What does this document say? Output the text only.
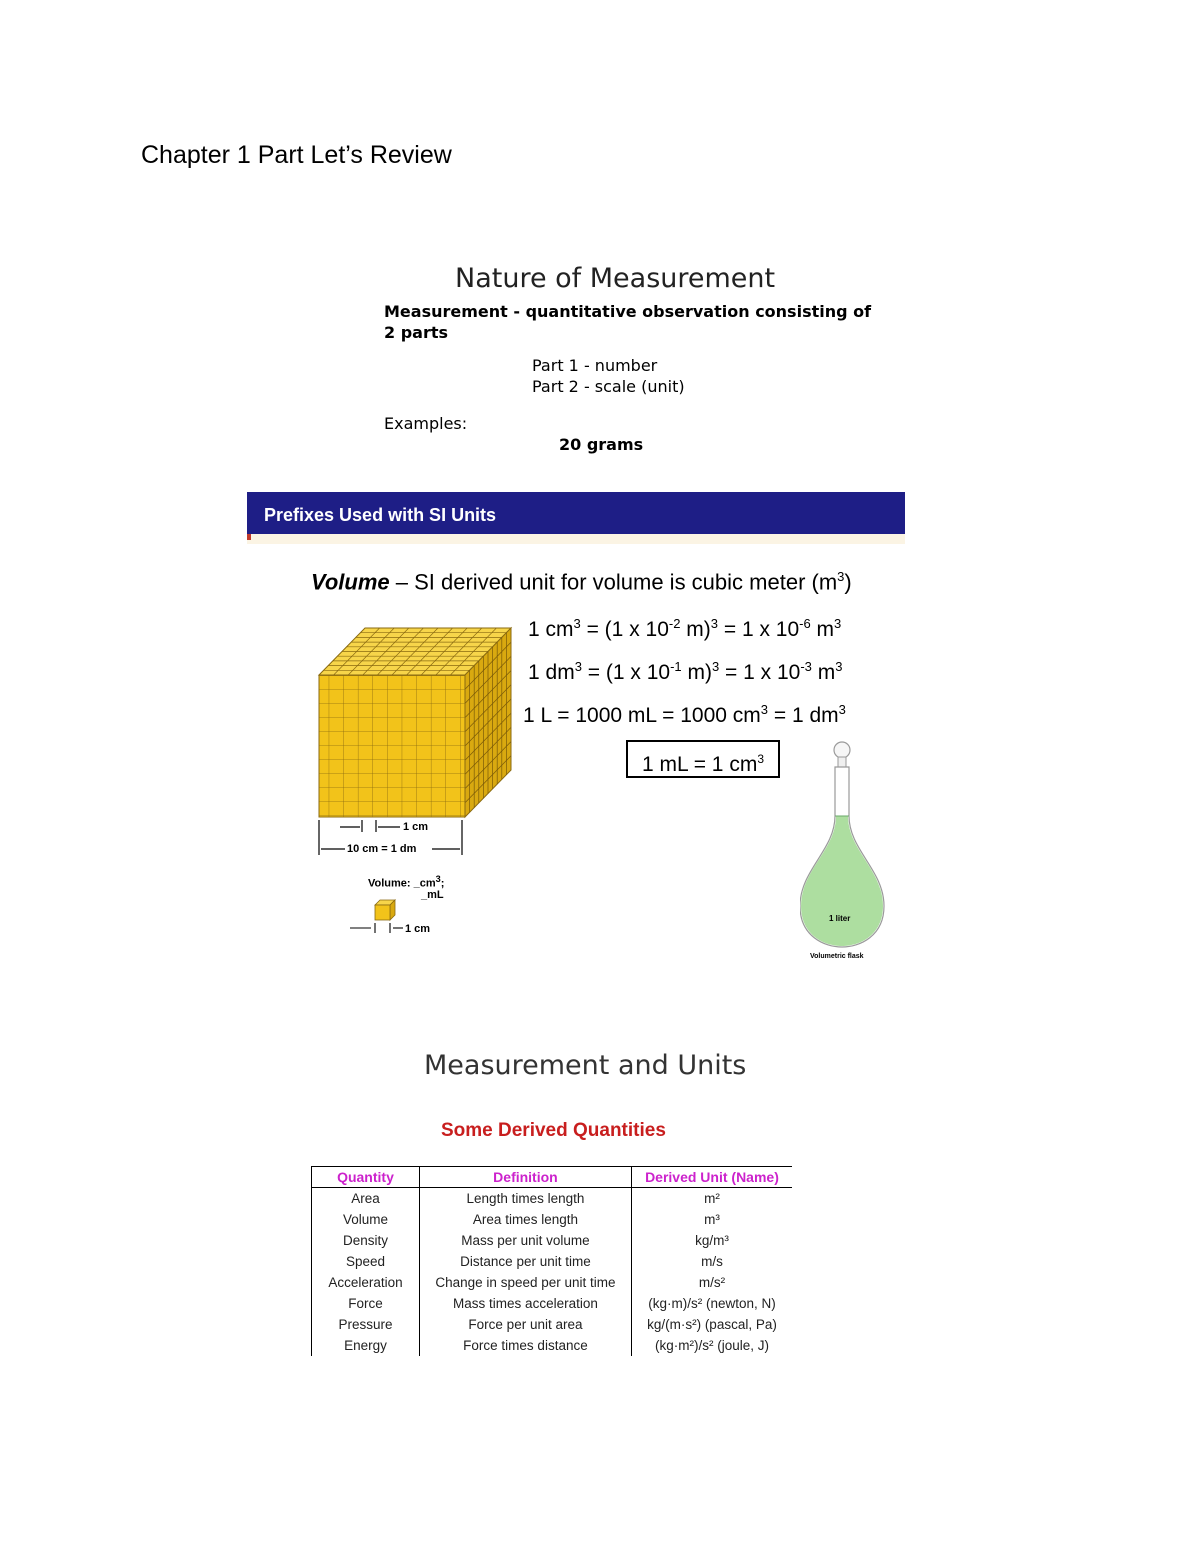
Chapter 1 Part Let’s Review
Nature of Measurement
Measurement - quantitative observation consisting of
2 parts
Part 1 - number
Part 2 - scale (unit)
Examples:
20 grams
Prefixes Used with SI Units
Volume – SI derived unit for volume is cubic meter $(m^3)$
1 $cm^3 = (1$ x $10^{-2}$ m)$^3$ = 1 x $10^{-6}$ $m^3$
1 $dm^3 = (1$ x $10^{-1}$ m)$^3$ = 1 x $10^{-3}$ $m^3$
1 L = 1000 mL = 1000 $cm^3 = 1$ $dm^3$
1 mL = 1 $cm^3$
1 cm
10 cm = 1 dm
Volume: $\_cm^3$;
_mL
1 cm
1 liter
Volumetric flask
Measurement and Units
Some Derived Quantities
Quantity	Definition	Derived Unit (Name)
Area	Length times length	m²
Volume	Area times length	m³
Density	Mass per unit volume	kg/m³
Speed	Distance per unit time	m/s
Acceleration	Change in speed per unit time	m/s²
Force	Mass times acceleration	(kg·m)/s² (newton, N)
Pressure	Force per unit area	kg/(m·s²) (pascal, Pa)
Energy	Force times distance	(kg·m²)/s² (joule, J)
